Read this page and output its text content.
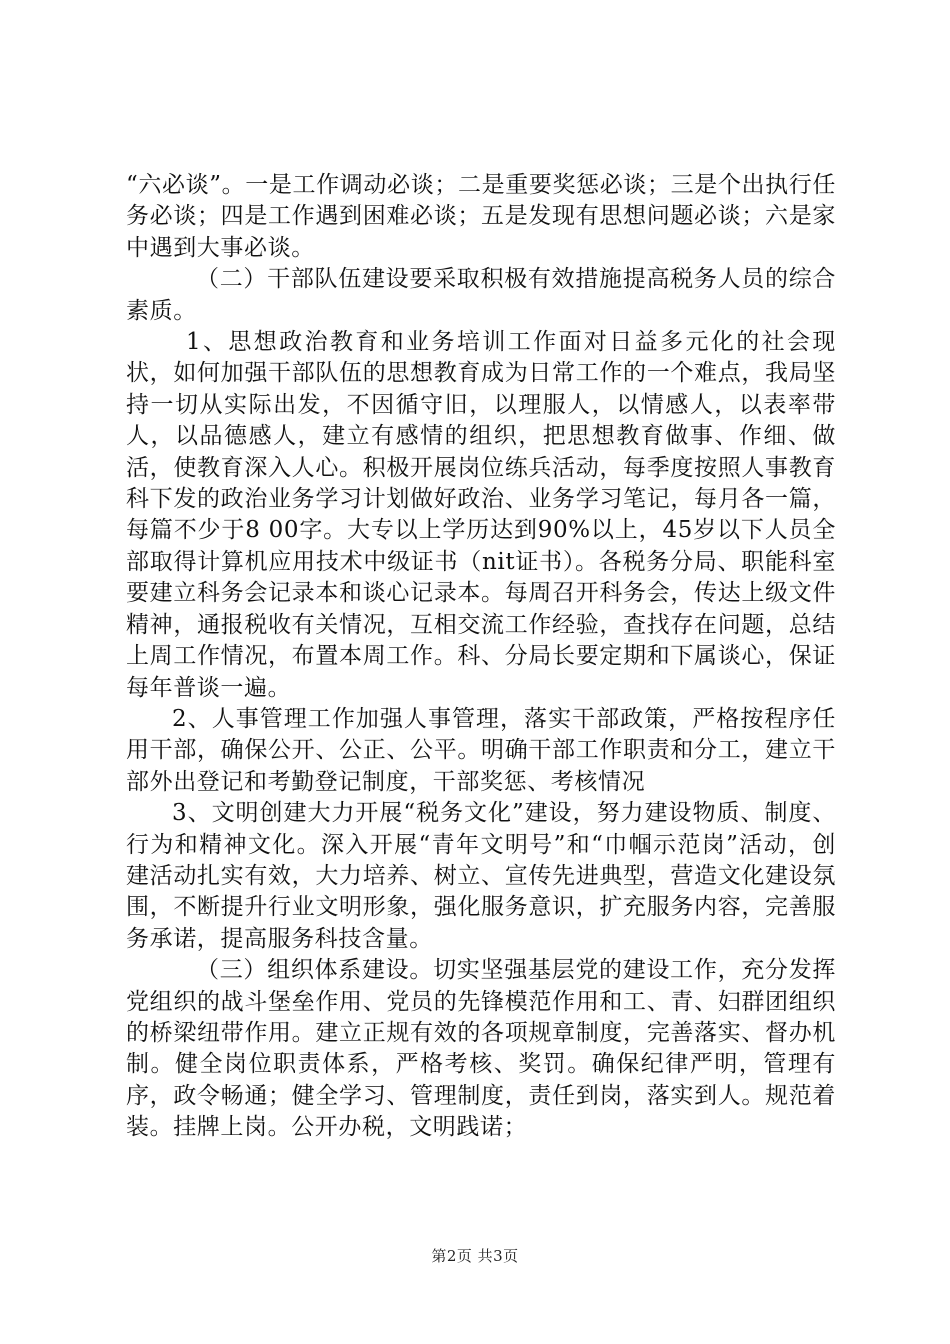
“六必谈”。一是工作调动必谈；二是重要奖惩必谈；三是个出执行任务必谈；四是工作遇到困难必谈；五是发现有思想问题必谈；六是家中遇到大事必谈。

（二）干部队伍建设要采取积极有效措施提高税务人员的综合素质。

1、思想政治教育和业务培训工作面对日益多元化的社会现状，如何加强干部队伍的思想教育成为日常工作的一个难点，我局坚持一切从实际出发，不因循守旧，以理服人，以情感人，以表率带人，以品德感人，建立有感情的组织，把思想教育做事、作细、做活，使教育深入人心。积极开展岗位练兵活动，每季度按照人事教育科下发的政治业务学习计划做好政治、业务学习笔记，每月各一篇，每篇不少于8 00字。大专以上学历达到90%以上，45岁以下人员全部取得计算机应用技术中级证书（nit证书）。各税务分局、职能科室要建立科务会记录本和谈心记录本。每周召开科务会，传达上级文件精神，通报税收有关情况，互相交流工作经验，查找存在问题，总结上周工作情况，布置本周工作。科、分局长要定期和下属谈心，保证每年普谈一遍。

2、人事管理工作加强人事管理，落实干部政策，严格按程序任用干部，确保公开、公正、公平。明确干部工作职责和分工，建立干部外出登记和考勤登记制度，干部奖惩、考核情况

3、文明创建大力开展“税务文化”建设，努力建设物质、制度、行为和精神文化。深入开展“青年文明号”和“巾帼示范岗”活动，创建活动扎实有效，大力培养、树立、宣传先进典型，营造文化建设氛围，不断提升行业文明形象，强化服务意识，扩充服务内容，完善服务承诺，提高服务科技含量。

（三）组织体系建设。切实坚强基层党的建设工作，充分发挥党组织的战斗堡垒作用、党员的先锋模范作用和工、青、妇群团组织的桥梁纽带作用。建立正规有效的各项规章制度，完善落实、督办机制。健全岗位职责体系，严格考核、奖罚。确保纪律严明，管理有序，政令畅通；健全学习、管理制度，责任到岗，落实到人。规范着装。挂牌上岗。公开办税，文明践诺；

第2页 共3页
